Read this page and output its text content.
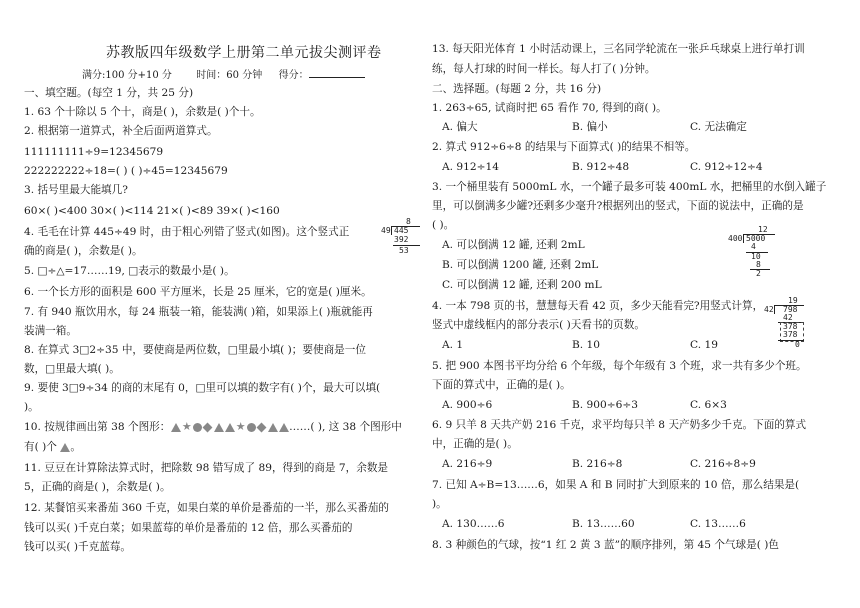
苏教版四年级数学上册第二单元拔尖测评卷
满分:100 分+10 分 时间：60 分钟 得分：
一、填空题。(每空 1 分，共 25 分)
1. 63 个十除以 5 个十，商是( )，余数是( )个十。
2. 根据第一道算式，补全后面两道算式。
111111111÷9=12345679
222222222÷18=( ) ( )÷45=12345679
3. 括号里最大能填几?
60×( )<400 30×( )<114 21×( )<89 39×( )<160
4. 毛毛在计算 445÷49 时，由于粗心列错了竖式(如图)。这个竖式正
确的商是( )，余数是( )。
5. □÷△=17……19, □表示的数最小是( )。
6. 一个长方形的面积是 600 平方厘米，长是 25 厘米，它的宽是( )厘米。
7. 有 940 瓶饮用水，每 24 瓶装一箱，能装满( )箱，如果添上( )瓶就能再
装满一箱。
8. 在算式 3□2÷35 中，要使商是两位数，□里最小填( )；要使商是一位
数，□里最大填( )。
9. 要使 3□9÷34 的商的末尾有 0，□里可以填的数字有( )个，最大可以填(
)。
10. 按规律画出第 38 个图形： ★	★	……( ), 这 38 个图形中
有( )个 。
11. 豆豆在计算除法算式时，把除数 98 错写成了 89，得到的商是 7，余数是
5，正确的商是( )，余数是( )。
12. 某餐馆买来番茄 360 千克，如果白菜的单价是番茄的一半，那么买番茄的
钱可以买( )千克白菜；如果蓝莓的单价是番茄的 12 倍，那么买番茄的
钱可以买( )千克蓝莓。
8
49 445
392
53
13. 每天阳光体育 1 小时活动课上，三名同学轮流在一张乒乓球桌上进行单打训
练，每人打球的时间一样长。每人打了( )分钟。
二、选择题。(每题 2 分，共 16 分)
1. 263÷65, 试商时把 65 看作 70, 得到的商( )。
A. 偏大	B. 偏小	C. 无法确定
2. 算式 912÷6÷8 的结果与下面算式( )的结果不相等。
A. 912÷14	B. 912÷48	C. 912÷12÷4
3. 一个桶里装有 5000mL 水，一个罐子最多可装 400mL 水，把桶里的水倒入罐子
里，可以倒满多少罐?还剩多少毫升?根据列出的竖式，下面的说法中，正确的是
( )。
A. 可以倒满 12 罐, 还剩 2mL
B. 可以倒满 1200 罐, 还剩 2mL
C. 可以倒满 12 罐, 还剩 200 mL
4. 一本 798 页的书，慧慧每天看 42 页，多少天能看完?用竖式计算，
竖式中虚线框内的部分表示( )天看书的页数。
A. 1	B. 10	C. 19
5. 把 900 本图书平均分给 6 个年级，每个年级有 3 个班，求一共有多少个班。
下面的算式中，正确的是( )。
A. 900÷6	B. 900÷6÷3	C. 6×3
6. 9 只羊 8 天共产奶 216 千克，求平均每只羊 8 天产奶多少千克。下面的算式
中，正确的是( )。
A. 216÷9	B. 216÷8	C. 216÷8÷9
7. 已知 A÷B=13……6，如果 A 和 B 同时扩大到原来的 10 倍，那么结果是(
)。
A. 130……6	B. 13……60	C. 13……6
8. 3 种颜色的气球，按“1 红 2 黄 3 蓝”的顺序排列，第 45 个气球是( )色
12
400 5000
4
10
8
2
19
42 798
42
378
378
0
